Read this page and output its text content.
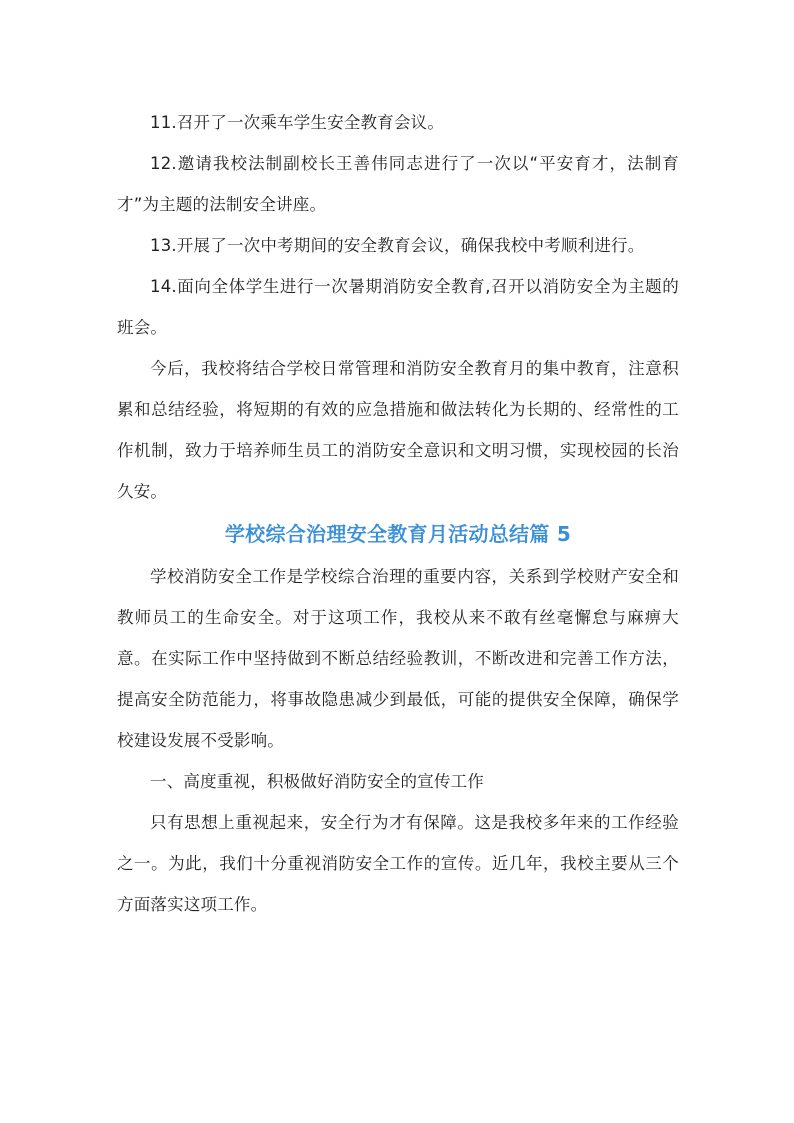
11.召开了一次乘车学生安全教育会议。

12.邀请我校法制副校长王善伟同志进行了一次以“平安育才，法制育才”为主题的法制安全讲座。

13.开展了一次中考期间的安全教育会议，确保我校中考顺利进行。

14.面向全体学生进行一次暑期消防安全教育,召开以消防安全为主题的班会。

今后，我校将结合学校日常管理和消防安全教育月的集中教育，注意积累和总结经验，将短期的有效的应急措施和做法转化为长期的、经常性的工作机制，致力于培养师生员工的消防安全意识和文明习惯，实现校园的长治久安。

学校综合治理安全教育月活动总结篇 5

学校消防安全工作是学校综合治理的重要内容，关系到学校财产安全和教师员工的生命安全。对于这项工作，我校从来不敢有丝毫懈怠与麻痹大意。在实际工作中坚持做到不断总结经验教训，不断改进和完善工作方法，提高安全防范能力，将事故隐患减少到最低，可能的提供安全保障，确保学校建设发展不受影响。

一、高度重视，积极做好消防安全的宣传工作

只有思想上重视起来，安全行为才有保障。这是我校多年来的工作经验之一。为此，我们十分重视消防安全工作的宣传。近几年，我校主要从三个方面落实这项工作。
